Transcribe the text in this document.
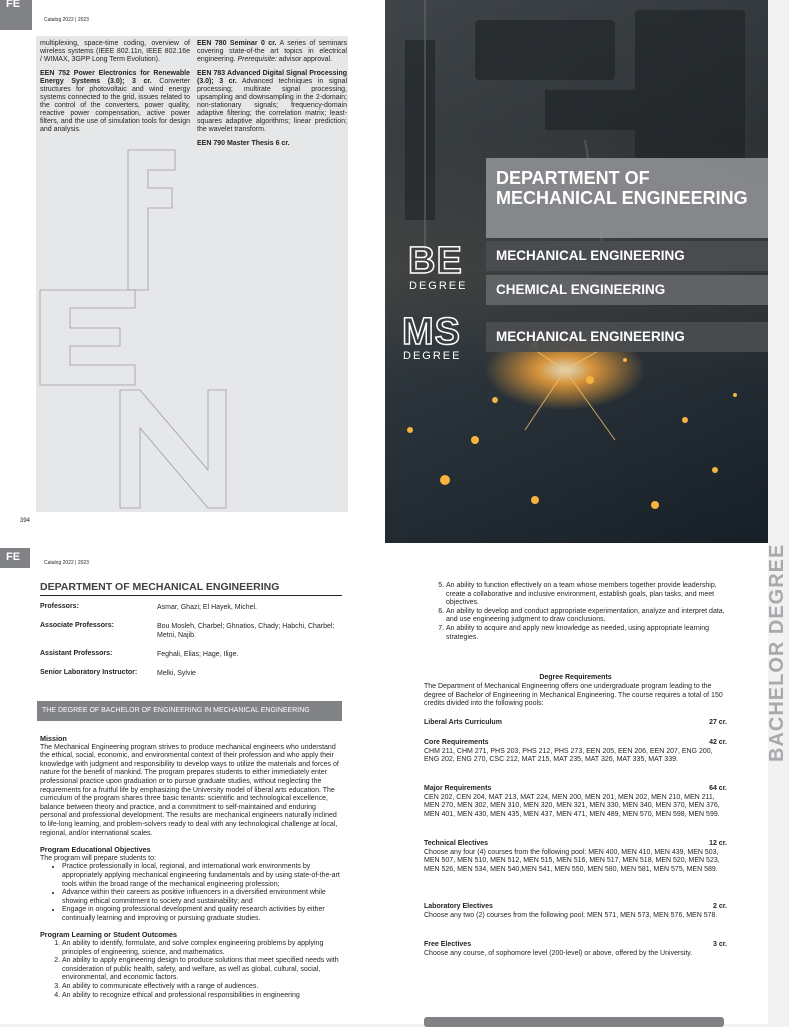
FE
Catalog 2022 | 2023

multiplexing, space-time coding, overview of wireless systems (IEEE 802.11n, IEEE 802.16e / WIMAX, 3GPP Long Term Evolution).

EEN 752 Power Electronics for Renewable Energy Systems (3.0); 3 cr. Converter structures for photovoltaic and wind energy systems connected to the grid, issues related to the control of the converters, power quality, reactive power compensation, active power filters, and the use of simulation tools for design and analysis.

EEN 780 Seminar 0 cr. A series of seminars covering state-of-the art topics in electrical engineering. Prerequisite: advisor approval.

EEN 783 Advanced Digital Signal Processing (3.0); 3 cr. Advanced techniques in signal processing; multirate signal processing, upsampling and downsampling in the 2-domain; non-stationary signals; frequency-domain adaptive filtering; the correlation matrix; least-squares adaptive algorithms; linear prediction; the wavelet transform.

EEN 790 Master Thesis 6 cr.

394
DEPARTMENT OF MECHANICAL ENGINEERING
BE
DEGREE
MECHANICAL ENGINEERING
CHEMICAL ENGINEERING
MS
DEGREE
MECHANICAL ENGINEERING
FE	Catalog 2022 | 2023
DEPARTMENT OF MECHANICAL ENGINEERING
Professors:	Asmar, Ghazi; El Hayek, Michel.
Associate Professors:	Bou Mosleh, Charbel; Ghnatios, Chady; Habchi, Charbel; Metni, Najib.
Assistant Professors:	Feghali, Elias; Hage, Ilige.
Senior Laboratory Instructor:	Melki, Sylvie
THE DEGREE OF BACHELOR OF ENGINEERING IN MECHANICAL ENGINEERING
Mission

The Mechanical Engineering program strives to produce mechanical engineers who understand the ethical, social, economic, and environmental context of their profession and who apply their knowledge with judgment and responsibility to develop ways to utilize the materials and forces of nature for the benefit of mankind. The program prepares students to either immediately enter professional practice upon graduation or to pursue graduate studies, without neglecting the requirements for a fruitful life by emphasizing the University model of liberal arts education. The curriculum of the program shares three basic tenants: scientific and technological excellence, balance between theory and practice, and a commitment to self-maintained and enduring personal and professional development. The results are mechanical engineers naturally inclined to life-long learning, and problem-solvers ready to deal with any technological challenge at local, regional, and/or international scales.

Program Educational Objectives

The program will prepare students to:

• Practice professionally in local, regional, and international work environments by appropriately applying mechanical engineering fundamentals and by using state-of-the-art tools within the broad range of the mechanical engineering profession;
• Advance within their careers as positive influencers in a diversified environment while showing ethical commitment to society and sustainability; and
• Engage in ongoing professional development and quality research activities by either continually learning and improving or pursuing graduate studies.
Program Learning or Student Outcomes
1. An ability to identify, formulate, and solve complex engineering problems by applying principles of engineering, science, and mathematics.
2. An ability to apply engineering design to produce solutions that meet specified needs with consideration of public health, safety, and welfare, as well as global, cultural, social, environmental, and economic factors.
3. An ability to communicate effectively with a range of audiences.
4. An ability to recognize ethical and professional responsibilities in engineering
5. An ability to function effectively on a team whose members together provide leadership, create a collaborative and inclusive environment, establish goals, plan tasks, and meet objectives.
6. An ability to develop and conduct appropriate experimentation, analyze and interpret data, and use engineering judgment to draw conclusions.
7. An ability to acquire and apply new knowledge as needed, using appropriate learning strategies.
Degree Requirements
The Department of Mechanical Engineering offers one undergraduate program leading to the degree of Bachelor of Engineering in Mechanical Engineering. The course requires a total of 150 credits divided into the following pools:
Liberal Arts Curriculum	27 cr.
Core Requirements	42 cr.
CHM 211, CHM 271, PHS 203, PHS 212, PHS 273, EEN 205, EEN 206, EEN 207, ENG 200, ENG 202, ENG 270, CSC 212, MAT 215, MAT 235, MAT 326, MAT 335, MAT 339.
Major Requirements	64 cr.
CEN 202, CEN 204, MAT 213, MAT 224, MEN 200, MEN 201, MEN 202, MEN 210, MEN 211, MEN 270, MEN 302, MEN 310, MEN 320, MEN 321, MEN 330, MEN 340, MEN 370, MEN 376, MEN 401, MEN 430, MEN 435, MEN 437, MEN 471, MEN 489, MEN 570, MEN 598, MEN 599.
Technical Electives	12 cr.
Choose any four (4) courses from the following pool: MEN 400, MEN 410, MEN 439, MEN 503, MEN 507, MEN 510, MEN 512, MEN 515, MEN 516, MEN 517, MEN 518, MEN 520, MEN 523, MEN 526, MEN 534, MEN 540,MEN 541, MEN 550, MEN 580, MEN 581, MEN 575, MEN 589.
Laboratory Electives	2 cr.
Choose any two (2) courses from the following pool: MEN 571, MEN 573, MEN 576, MEN 578.
Free Electives	3 cr.
Choose any course, of sophomore level (200-level) or above, offered by the University.
BACHELOR DEGREE
